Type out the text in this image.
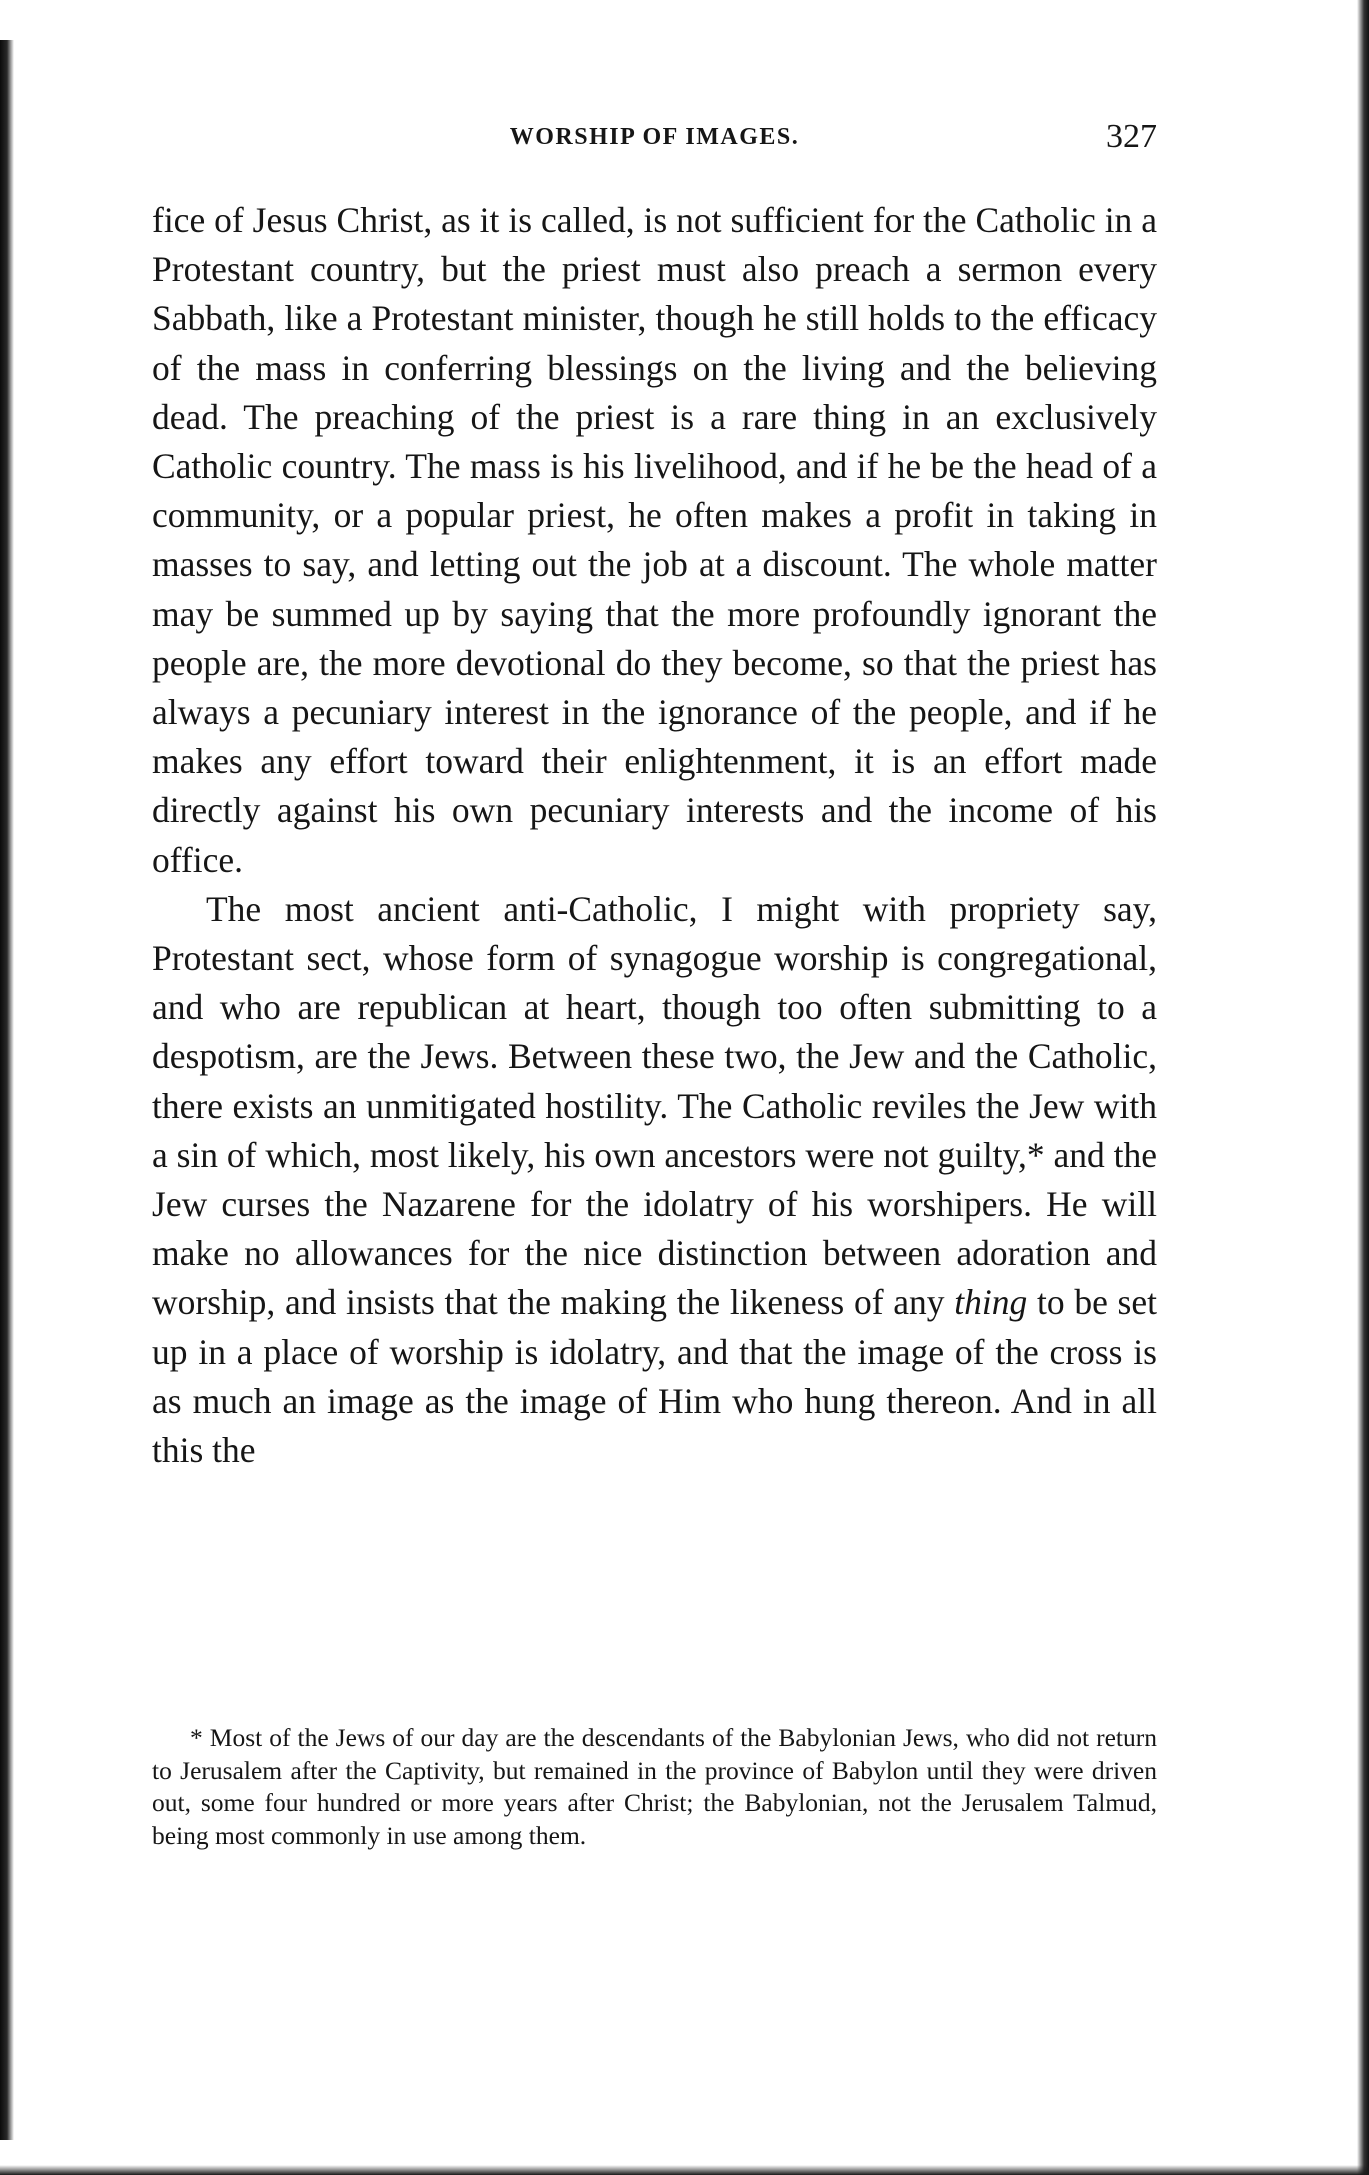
WORSHIP OF IMAGES.	327

fice of Jesus Christ, as it is called, is not sufficient for the Catholic in a Protestant country, but the priest must also preach a sermon every Sabbath, like a Protestant minister, though he still holds to the efficacy of the mass in conferring blessings on the living and the believing dead. The preaching of the priest is a rare thing in an exclusively Catholic country. The mass is his livelihood, and if he be the head of a community, or a popular priest, he often makes a profit in taking in masses to say, and letting out the job at a discount. The whole matter may be summed up by saying that the more profoundly ignorant the people are, the more devotional do they become, so that the priest has always a pecuniary interest in the ignorance of the people, and if he makes any effort toward their enlightenment, it is an effort made directly against his own pecuniary interests and the income of his office.

The most ancient anti-Catholic, I might with propriety say, Protestant sect, whose form of synagogue worship is congregational, and who are republican at heart, though too often submitting to a despotism, are the Jews. Between these two, the Jew and the Catholic, there exists an unmitigated hostility. The Catholic reviles the Jew with a sin of which, most likely, his own ancestors were not guilty,* and the Jew curses the Nazarene for the idolatry of his worshipers. He will make no allowances for the nice distinction between adoration and worship, and insists that the making the likeness of any thing to be set up in a place of worship is idolatry, and that the image of the cross is as much an image as the image of Him who hung thereon. And in all this the

* Most of the Jews of our day are the descendants of the Babylonian Jews, who did not return to Jerusalem after the Captivity, but remained in the province of Babylon until they were driven out, some four hundred or more years after Christ; the Babylonian, not the Jerusalem Talmud, being most commonly in use among them.
